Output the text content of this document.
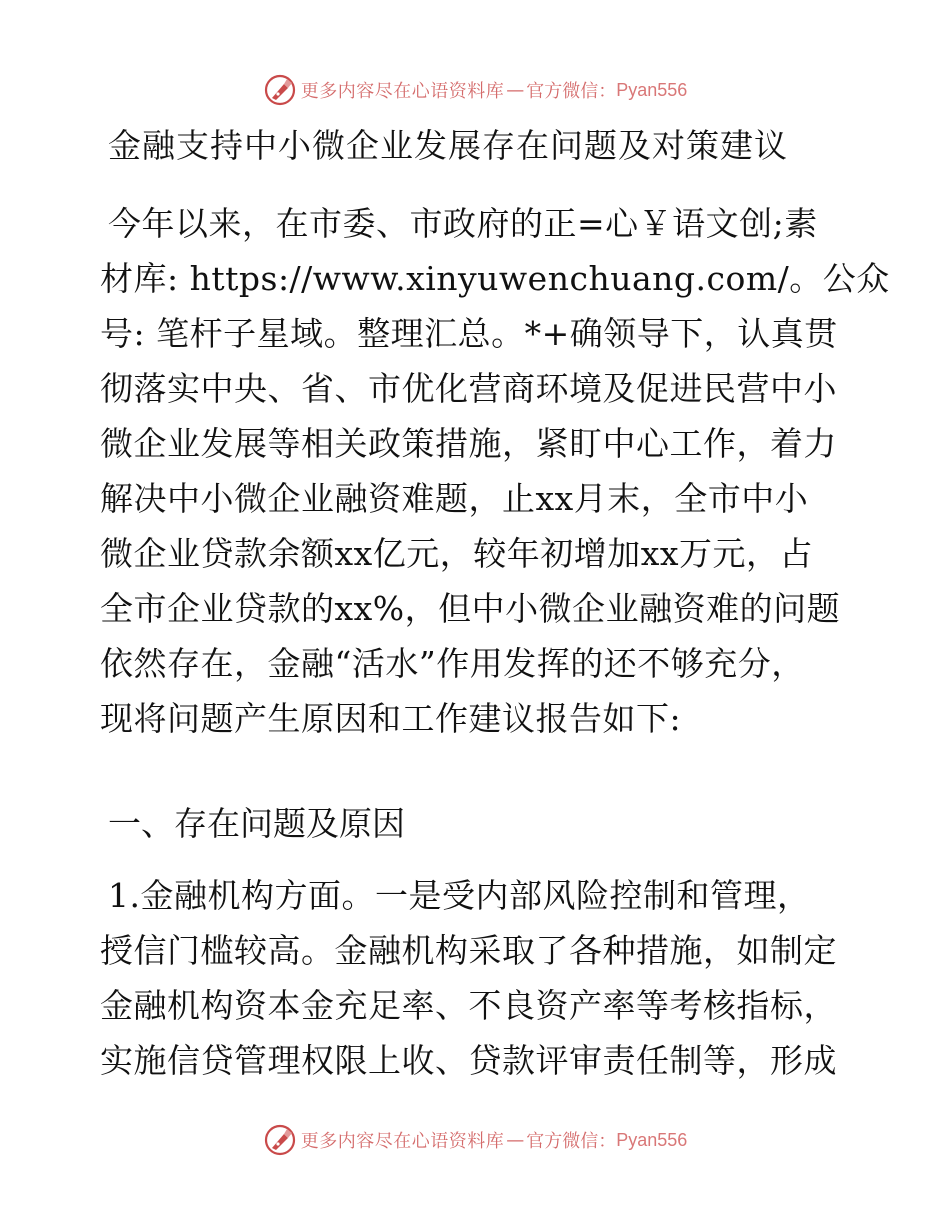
更多内容尽在心语资料库 — 官方微信： Pyan556
金融支持中小微企业发展存在问题及对策建议
今年以来，在市委、市政府的正=心￥语文创;素
材库: https://www.xinyuwenchuang.com/。公众
号: 笔杆子星域。整理汇总。*+确领导下，认真贯
彻落实中央、省、市优化营商环境及促进民营中小
微企业发展等相关政策措施，紧盯中心工作，着力
解决中小微企业融资难题，止xx月末，全市中小
微企业贷款余额xx亿元，较年初增加xx万元，占
全市企业贷款的xx%，但中小微企业融资难的问题
依然存在，金融“活水”作用发挥的还不够充分，
现将问题产生原因和工作建议报告如下:
一、存在问题及原因
1.金融机构方面。一是受内部风险控制和管理，
授信门槛较高。金融机构采取了各种措施，如制定
金融机构资本金充足率、不良资产率等考核指标，
实施信贷管理权限上收、贷款评审责任制等，形成
更多内容尽在心语资料库 — 官方微信： Pyan556
